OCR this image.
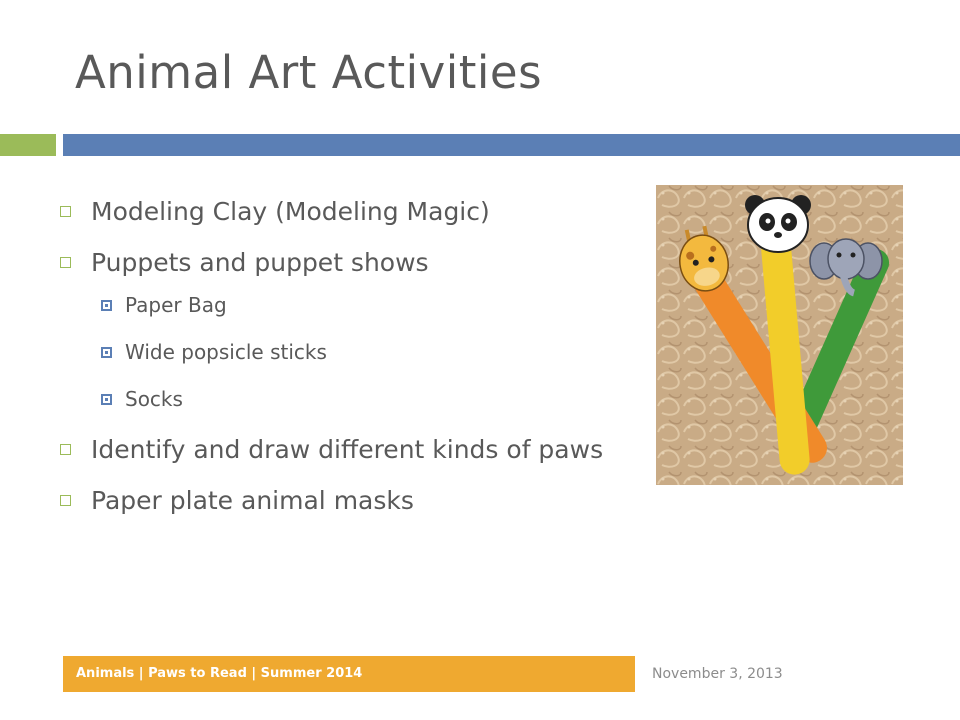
Animal Art Activities
Modeling Clay (Modeling Magic)
Puppets and puppet shows
Paper Bag
Wide popsicle sticks
Socks
Identify and draw different kinds of paws
Paper plate animal masks
Animals | Paws to Read | Summer 2014	November 3, 2013
